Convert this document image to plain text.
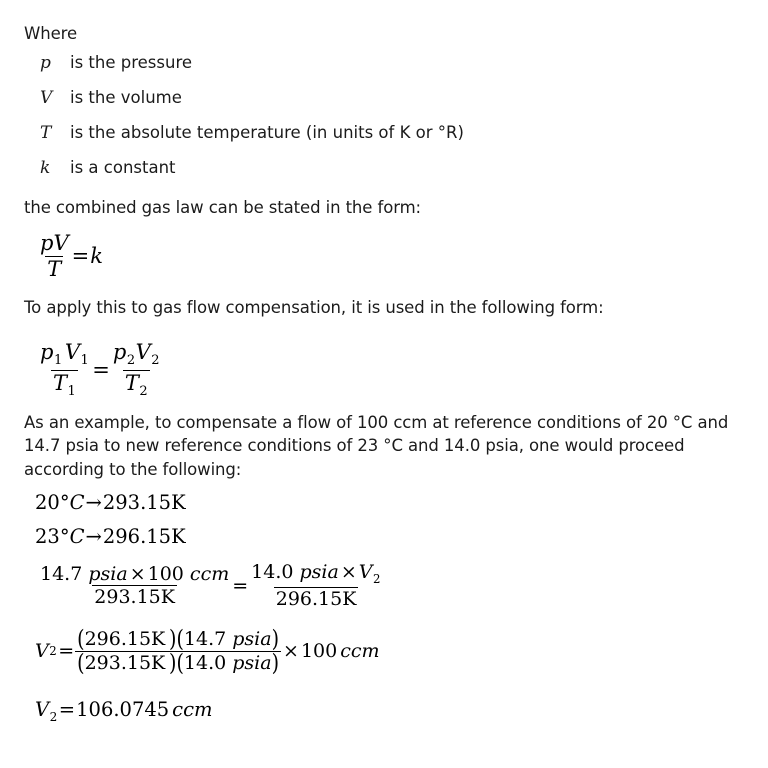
Where
p	is the pressure
V	is the volume
T	is the absolute temperature (in units of K or °R)
k	is a constant
the combined gas law can be stated in the form:
$\frac{pV}{T} = k$
To apply this to gas flow compensation, it is used in the following form:
$\frac{p_1 V_1}{T_1} = \frac{p_2V_2}{T_2}$
As an example, to compensate a flow of 100 ccm at reference conditions of 20 °C and 14.7 psia to new reference conditions of 23 °C and 14.0 psia, one would proceed according to the following:
20°C→293.15K
23°C→296.15K
$\frac{\text{14.7 psia × 100 ccm}}{293.15K} = \frac{14.0 psia \times V_2}{296.15K}$
V $2 = \frac{\text{(296.15K )(14.7 psia)}}{\text{(293.15K )(14.0 psia)}} \times 100$ ccm
$V_2=106.0745$ ccm
